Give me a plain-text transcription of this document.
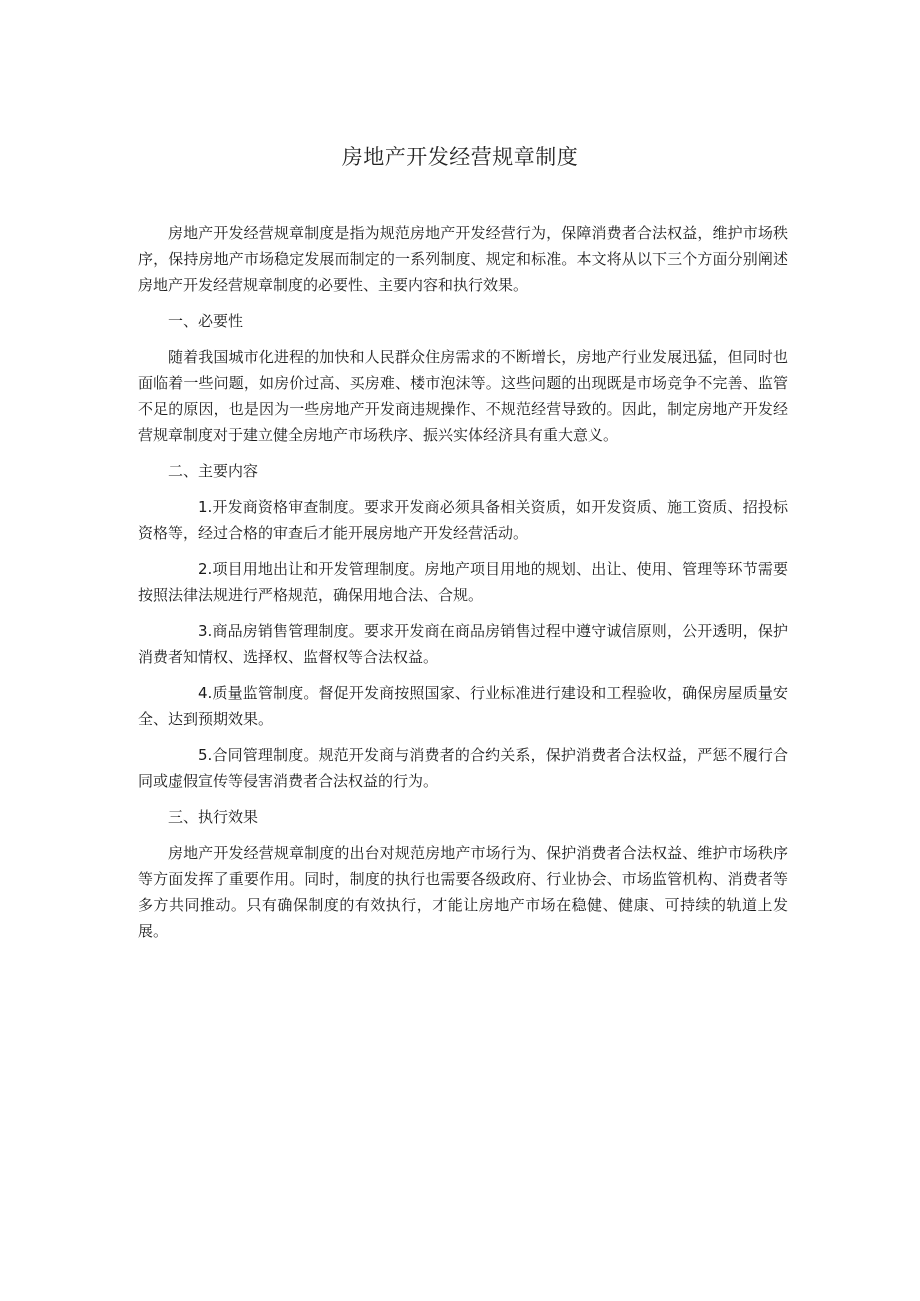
房地产开发经营规章制度

房地产开发经营规章制度是指为规范房地产开发经营行为，保障消费者合法权益，维护市场秩序，保持房地产市场稳定发展而制定的一系列制度、规定和标准。本文将从以下三个方面分别阐述房地产开发经营规章制度的必要性、主要内容和执行效果。

一、必要性

随着我国城市化进程的加快和人民群众住房需求的不断增长，房地产行业发展迅猛，但同时也面临着一些问题，如房价过高、买房难、楼市泡沫等。这些问题的出现既是市场竞争不完善、监管不足的原因，也是因为一些房地产开发商违规操作、不规范经营导致的。因此，制定房地产开发经营规章制度对于建立健全房地产市场秩序、振兴实体经济具有重大意义。

二、主要内容

1.开发商资格审查制度。要求开发商必须具备相关资质，如开发资质、施工资质、招投标资格等，经过合格的审查后才能开展房地产开发经营活动。

2.项目用地出让和开发管理制度。房地产项目用地的规划、出让、使用、管理等环节需要按照法律法规进行严格规范，确保用地合法、合规。

3.商品房销售管理制度。要求开发商在商品房销售过程中遵守诚信原则，公开透明，保护消费者知情权、选择权、监督权等合法权益。

4.质量监管制度。督促开发商按照国家、行业标准进行建设和工程验收，确保房屋质量安全、达到预期效果。

5.合同管理制度。规范开发商与消费者的合约关系，保护消费者合法权益，严惩不履行合同或虚假宣传等侵害消费者合法权益的行为。

三、执行效果

房地产开发经营规章制度的出台对规范房地产市场行为、保护消费者合法权益、维护市场秩序等方面发挥了重要作用。同时，制度的执行也需要各级政府、行业协会、市场监管机构、消费者等多方共同推动。只有确保制度的有效执行，才能让房地产市场在稳健、健康、可持续的轨道上发展。
